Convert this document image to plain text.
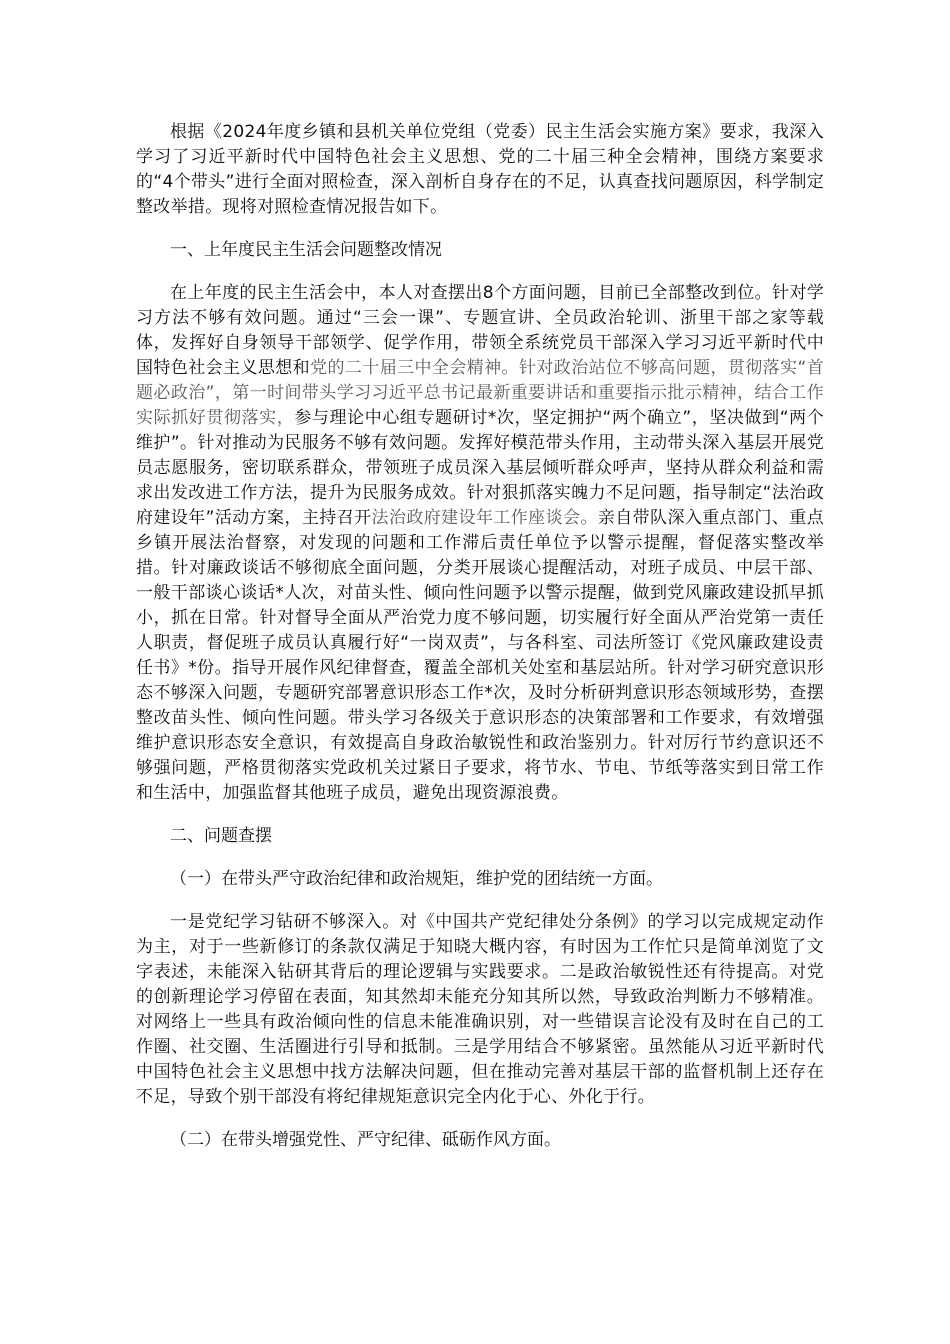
根据《2024年度乡镇和县机关单位党组（党委）民主生活会实施方案》要求，我深入学习了习近平新时代中国特色社会主义思想、党的二十届三种全会精神，围绕方案要求的“4个带头”进行全面对照检查，深入剖析自身存在的不足，认真查找问题原因，科学制定整改举措。现将对照检查情况报告如下。

一、上年度民主生活会问题整改情况

在上年度的民主生活会中，本人对查摆出8个方面问题，目前已全部整改到位。针对学习方法不够有效问题。通过“三会一课”、专题宣讲、全员政治轮训、浙里干部之家等载体，发挥好自身领导干部领学、促学作用，带领全系统党员干部深入学习习近平新时代中国特色社会主义思想和党的二十届三中全会精神。针对政治站位不够高问题，贯彻落实“首题必政治”，第一时间带头学习习近平总书记最新重要讲话和重要指示批示精神，结合工作实际抓好贯彻落实，参与理论中心组专题研讨*次，坚定拥护“两个确立”，坚决做到“两个维护”。针对推动为民服务不够有效问题。发挥好模范带头作用，主动带头深入基层开展党员志愿服务，密切联系群众，带领班子成员深入基层倾听群众呼声，坚持从群众利益和需求出发改进工作方法，提升为民服务成效。针对狠抓落实魄力不足问题，指导制定“法治政府建设年”活动方案，主持召开法治政府建设年工作座谈会。亲自带队深入重点部门、重点乡镇开展法治督察，对发现的问题和工作滞后责任单位予以警示提醒，督促落实整改举措。针对廉政谈话不够彻底全面问题，分类开展谈心提醒活动，对班子成员、中层干部、一般干部谈心谈话*人次，对苗头性、倾向性问题予以警示提醒，做到党风廉政建设抓早抓小，抓在日常。针对督导全面从严治党力度不够问题，切实履行好全面从严治党第一责任人职责，督促班子成员认真履行好“一岗双责”，与各科室、司法所签订《党风廉政建设责任书》*份。指导开展作风纪律督查，覆盖全部机关处室和基层站所。针对学习研究意识形态不够深入问题，专题研究部署意识形态工作*次，及时分析研判意识形态领域形势，查摆整改苗头性、倾向性问题。带头学习各级关于意识形态的决策部署和工作要求，有效增强维护意识形态安全意识，有效提高自身政治敏锐性和政治鉴别力。针对厉行节约意识还不够强问题，严格贯彻落实党政机关过紧日子要求，将节水、节电、节纸等落实到日常工作和生活中，加强监督其他班子成员，避免出现资源浪费。

二、问题查摆

（一）在带头严守政治纪律和政治规矩，维护党的团结统一方面。

一是党纪学习钻研不够深入。对《中国共产党纪律处分条例》的学习以完成规定动作为主，对于一些新修订的条款仅满足于知晓大概内容，有时因为工作忙只是简单浏览了文字表述，未能深入钻研其背后的理论逻辑与实践要求。二是政治敏锐性还有待提高。对党的创新理论学习停留在表面，知其然却未能充分知其所以然，导致政治判断力不够精准。对网络上一些具有政治倾向性的信息未能准确识别，对一些错误言论没有及时在自己的工作圈、社交圈、生活圈进行引导和抵制。三是学用结合不够紧密。虽然能从习近平新时代中国特色社会主义思想中找方法解决问题，但在推动完善对基层干部的监督机制上还存在不足，导致个别干部没有将纪律规矩意识完全内化于心、外化于行。

（二）在带头增强党性、严守纪律、砥砺作风方面。
